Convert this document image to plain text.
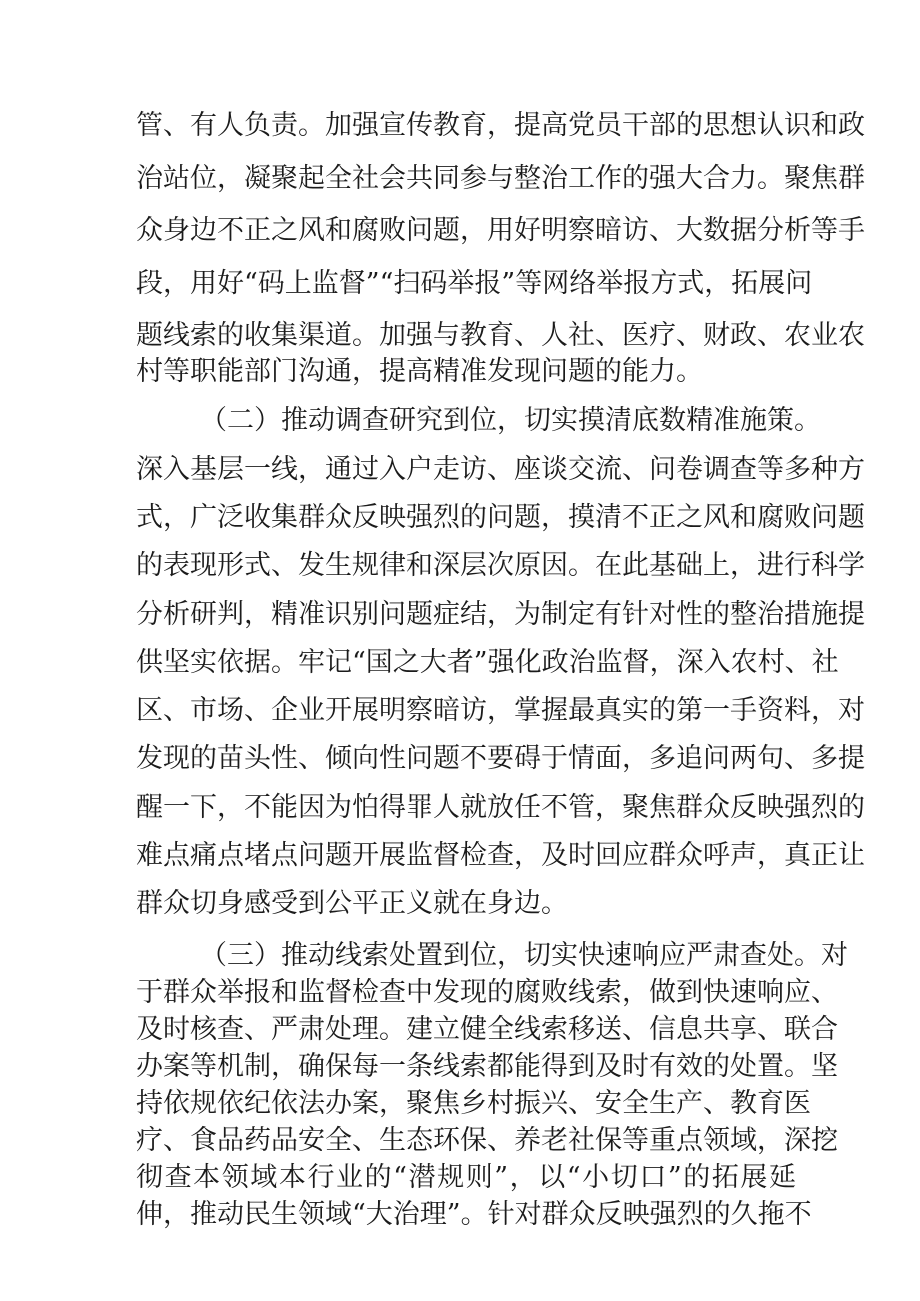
管、有人负责。加强宣传教育，提高党员干部的思想认识和政
治站位，凝聚起全社会共同参与整治工作的强大合力。聚焦群
众身边不正之风和腐败问题，用好明察暗访、大数据分析等手
段，用好“码上监督”“扫码举报”等网络举报方式，拓展问
题线索的收集渠道。加强与教育、人社、医疗、财政、农业农
村等职能部门沟通，提高精准发现问题的能力。
（二）推动调查研究到位，切实摸清底数精准施策。
深入基层一线，通过入户走访、座谈交流、问卷调查等多种方
式，广泛收集群众反映强烈的问题，摸清不正之风和腐败问题
的表现形式、发生规律和深层次原因。在此基础上，进行科学
分析研判，精准识别问题症结，为制定有针对性的整治措施提
供坚实依据。牢记“国之大者”强化政治监督，深入农村、社
区、市场、企业开展明察暗访，掌握最真实的第一手资料，对
发现的苗头性、倾向性问题不要碍于情面，多追问两句、多提
醒一下，不能因为怕得罪人就放任不管，聚焦群众反映强烈的
难点痛点堵点问题开展监督检查，及时回应群众呼声，真正让
群众切身感受到公平正义就在身边。
（三）推动线索处置到位，切实快速响应严肃查处。对
于群众举报和监督检查中发现的腐败线索，做到快速响应、
及时核查、严肃处理。建立健全线索移送、信息共享、联合
办案等机制，确保每一条线索都能得到及时有效的处置。坚
持依规依纪依法办案，聚焦乡村振兴、安全生产、教育医
疗、食品药品安全、生态环保、养老社保等重点领域，深挖
彻查本领域本行业的“潜规则”，以“小切口”的拓展延
伸，推动民生领域“大治理”。针对群众反映强烈的久拖不
